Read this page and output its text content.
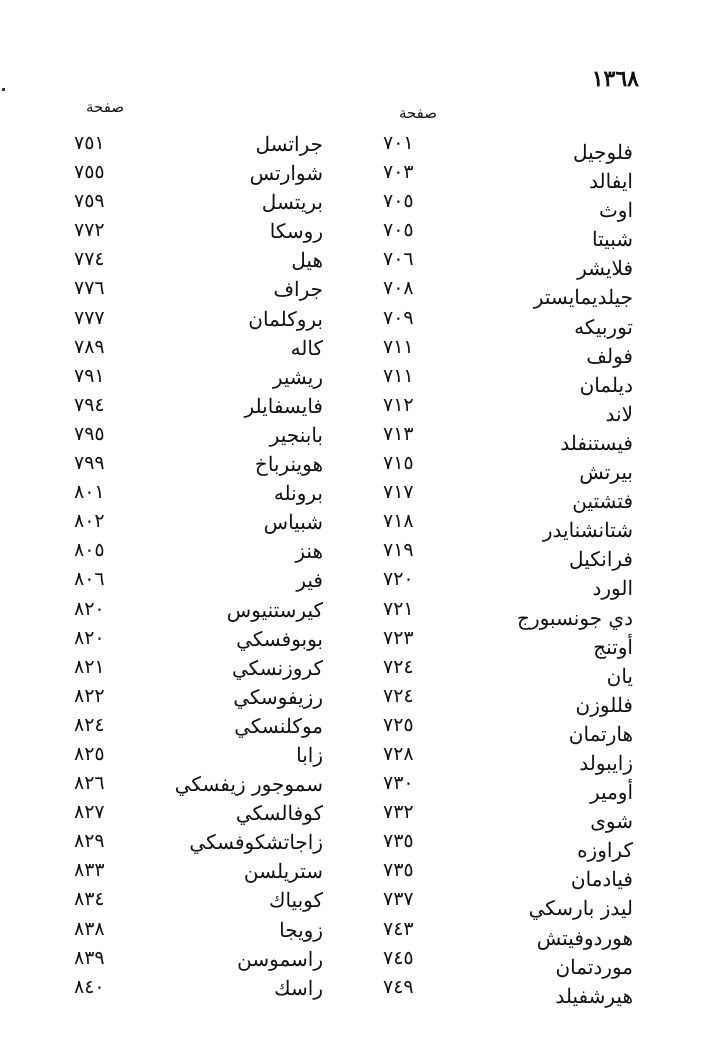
١٣٦٨
صفحة
صفحة
فلوجيل
٧٠١
جراتسل
٧٥١
ايفالد
٧٠٣
شوارتس
٧٥٥
اوث
٧٠٥
بريتسل
٧٥٩
شبيتا
٧٠٥
روسكا
٧٧٢
فلايشر
٧٠٦
هيل
٧٧٤
جيلديمايستر
٧٠٨
جراف
٧٧٦
توربيكه
٧٠٩
بروكلمان
٧٧٧
فولف
٧١١
كاله
٧٨٩
ديلمان
٧١١
ريشير
٧٩١
لاند
٧١٢
فايسفايلر
٧٩٤
فيستنفلد
٧١٣
بابنجير
٧٩٥
بيرتش
٧١٥
هوينرباخ
٧٩٩
فتشتين
٧١٧
برونله
٨٠١
شتانشنايدر
٧١٨
شبياس
٨٠٢
فرانكيل
٧١٩
هنز
٨٠٥
الورد
٧٢٠
فير
٨٠٦
دي جونسبورج
٧٢١
كيرستنيوس
٨٢٠
أوتنج
٧٢٣
بوبوفسكي
٨٢٠
يان
٧٢٤
كروزنسكي
٨٢١
فللوزن
٧٢٤
رزيفوسكي
٨٢٢
هارتمان
٧٢٥
موكلنسكي
٨٢٤
زايبولد
٧٢٨
زابا
٨٢٥
أومير
٧٣٠
سموجور زيفسكي
٨٢٦
شوى
٧٣٢
كوفالسكي
٨٢٧
كراوزه
٧٣٥
زاجاتشكوفسكي
٨٢٩
فيادمان
٧٣٥
ستريلسن
٨٣٣
ليدز بارسكي
٧٣٧
كوبياك
٨٣٤
هوردوفيتش
٧٤٣
زويجا
٨٣٨
موردتمان
٧٤٥
راسموسن
٨٣٩
هيرشفيلد
٧٤٩
راسك
٨٤٠
